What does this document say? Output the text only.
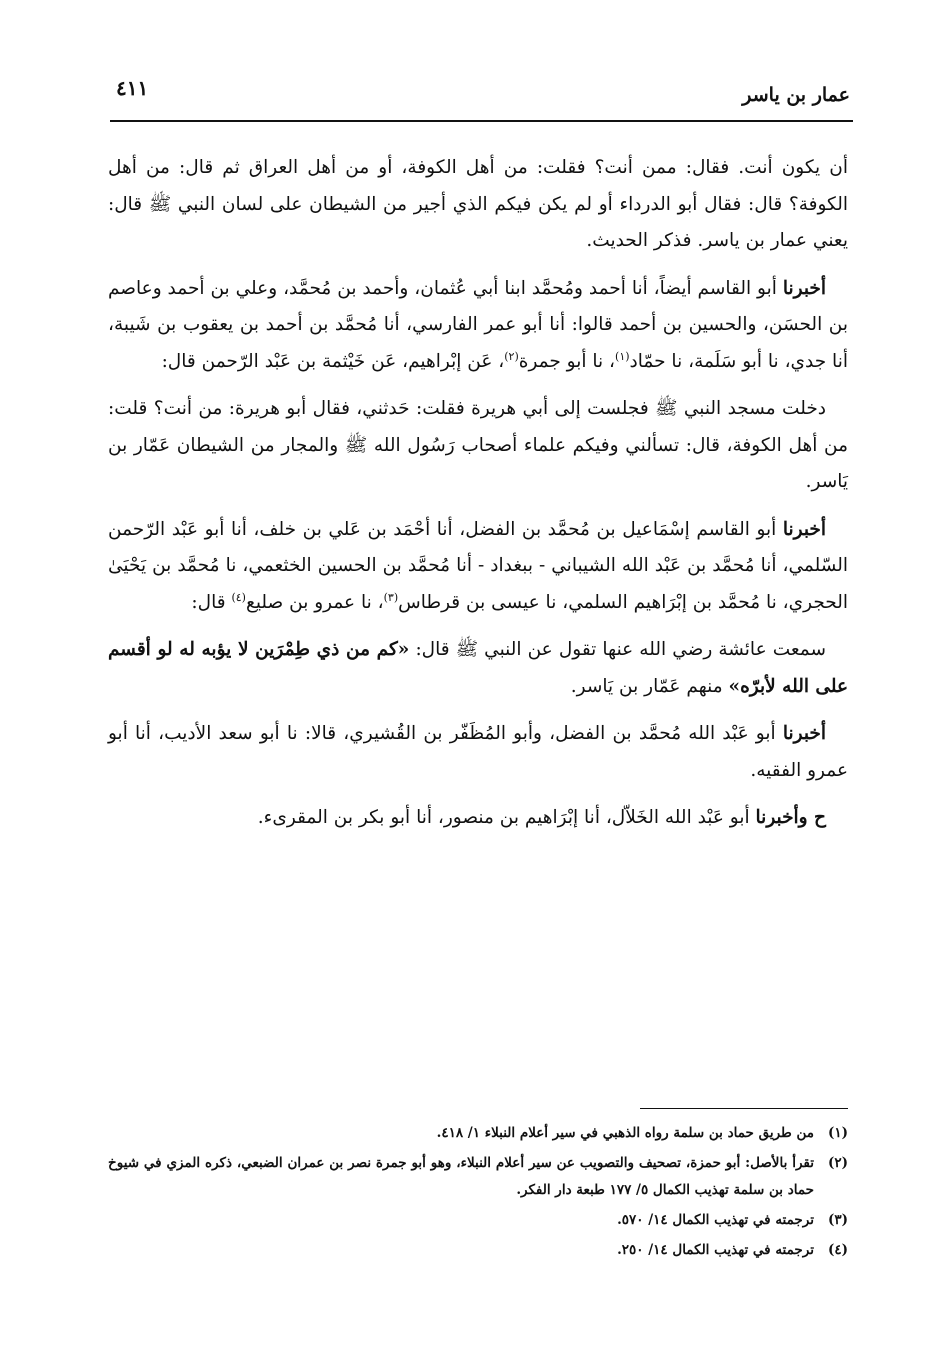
عمار بن ياسر
٤١١

أن يكون أنت. فقال: ممن أنت؟ فقلت: من أهل الكوفة، أو من أهل العراق ثم قال: من أهل الكوفة؟ قال: فقال أبو الدرداء أو لم يكن فيكم الذي أجير من الشيطان على لسان النبي ﷺ قال: يعني عمار بن ياسر. فذكر الحديث.

أخبرنا أبو القاسم أيضاً، أنا أحمد ومُحمَّد ابنا أبي عُثمان، وأحمد بن مُحمَّد، وعلي بن أحمد وعاصم بن الحسَن، والحسين بن أحمد قالوا: أنا أبو عمر الفارسي، أنا مُحمَّد بن أحمد بن يعقوب بن شَيبة، أنا جدي، نا أبو سَلَمة، نا حمّاد$^{(١)}$، نا أبو جمرة$^{(٢)}$، عَن إبْراهيم، عَن خَيْثمة بن عَبْد الرّحمن قال:

دخلت مسجد النبي ﷺ فجلست إلى أبي هريرة فقلت: حَدثني، فقال أبو هريرة: من أنت؟ قلت: من أهل الكوفة، قال: تسألني وفيكم علماء أصحاب رَسُول الله ﷺ والمجار من الشيطان عَمّار بن يَاسر.

أخبرنا أبو القاسم إسْمَاعيل بن مُحمَّد بن الفضل، أنا أحْمَد بن عَلي بن خلف، أنا أبو عَبْد الرّحمن السّلمي، أنا مُحمَّد بن عَبْد الله الشيباني - ببغداد - أنا مُحمَّد بن الحسين الخثعمي، نا مُحمَّد بن يَحْيَىٰ الحجري، نا مُحمَّد بن إبْرَاهيم السلمي، نا عيسى بن قرطاس$^{(٣)}$، نا عمرو بن صليع$^{(٤)}$ قال:

سمعت عائشة رضي الله عنها تقول عن النبي ﷺ قال: «كم من ذي طِمْرَين لا يؤبه له لو أقسم على الله لأبرّه» منهم عَمّار بن يَاسر.

أخبرنا أبو عَبْد الله مُحمَّد بن الفضل، وأبو المُظَفّر بن القُشيري، قالا: نا أبو سعد الأديب، أنا أبو عمرو الفقيه.

ح وأخبرنا أبو عَبْد الله الخَلاّل، أنا إبْرَاهيم بن منصور، أنا أبو بكر بن المقرىء.

(١)
من طريق حماد بن سلمة رواه الذهبي في سير أعلام النبلاء ١/ ٤١٨.
(٢)
تقرأ بالأصل: أبو حمزة، تصحيف والتصويب عن سير أعلام النبلاء، وهو أبو جمرة نصر بن عمران الضبعي، ذكره المزي في شيوخ حماد بن سلمة تهذيب الكمال ٥/ ١٧٧ طبعة دار الفكر.
(٣)
ترجمته في تهذيب الكمال ١٤/ ٥٧٠.
(٤)
ترجمته في تهذيب الكمال ١٤/ ٢٥٠.
